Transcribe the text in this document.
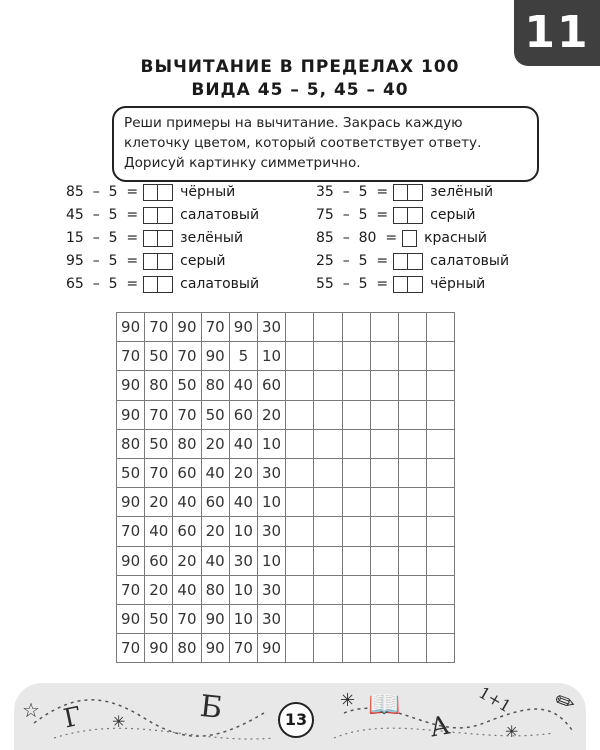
11
ВЫЧИТАНИЕ В ПРЕДЕЛАХ 100
ВИДА 45 – 5, 45 – 40
Реши примеры на вычитание. Закрась каждую клеточку цветом, который соответствует ответу. Дорисуй картинку симметрично.
85  –  5  =	чёрный
45  –  5  =	салатовый
15  –  5  =	зелёный
95  –  5  =	серый
65  –  5  =	салатовый
35  –  5  =	зелёный
75  –  5  =	серый
85  –  80  = красный
25  –  5  =	салатовый
55  –  5  =	чёрный
90	70	90	70	90	30						
70	50	70	90	5	10						
90	80	50	80	40	60						
90	70	70	50	60	20						
80	50	80	20	40	10						
50	70	60	40	20	30						
90	20	40	60	40	10						
70	40	60	20	10	30						
90	60	20	40	30	10						
70	20	40	80	10	30						
90	50	70	90	10	30						
70	90	80	90	70	90						
☆ Г ✳ Б	✳ 📖
А
1+1 ✏
✳
13
